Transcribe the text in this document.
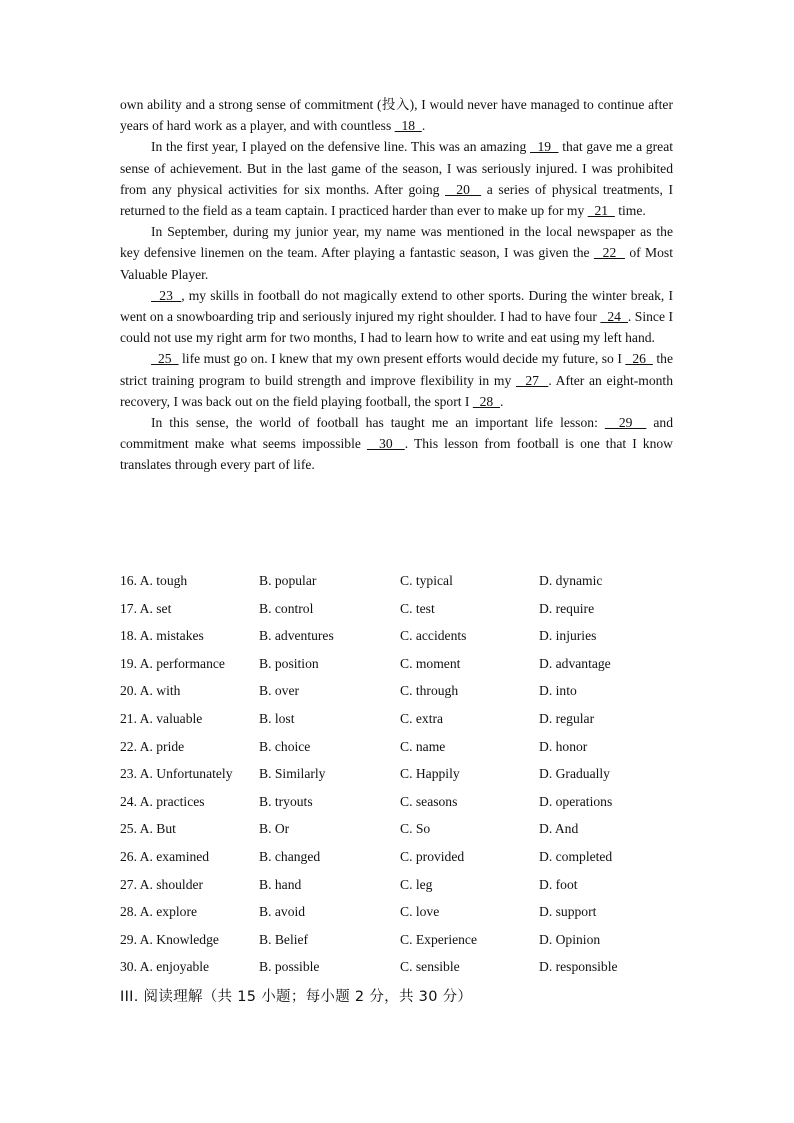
own ability and a strong sense of commitment (投入), I would never have managed to continue after years of hard work as a player, and with countless   18  .

In the first year, I played on the defensive line. This was an amazing   19   that gave me a great sense of achievement. But in the last game of the season, I was seriously injured. I was prohibited from any physical activities for six months. After going   20   a series of physical treatments, I returned to the field as a team captain. I practiced harder than ever to make up for my   21   time.

In September, during my junior year, my name was mentioned in the local newspaper as the key defensive linemen on the team. After playing a fantastic season, I was given the   22   of Most Valuable Player.

23  , my skills in football do not magically extend to other sports. During the winter break, I went on a snowboarding trip and seriously injured my right shoulder. I had to have four   24  . Since I could not use my right arm for two months, I had to learn how to write and eat using my left hand.

25   life must go on. I knew that my own present efforts would decide my future, so I   26   the strict training program to build strength and improve flexibility in my   27  . After an eight-month recovery, I was back out on the field playing football, the sport I   28  .

In this sense, the world of football has taught me an important life lesson:   29   and commitment make what seems impossible   30  . This lesson from football is one that I know translates through every part of life.

16. A. tough	B. popular	C. typical	D. dynamic
17. A. set	B. control	C. test	D. require
18. A. mistakes	B. adventures	C. accidents	D. injuries
19. A. performance	B. position	C. moment	D. advantage
20. A. with	B. over	C. through	D. into
21. A. valuable	B. lost	C. extra	D. regular
22. A. pride	B. choice	C. name	D. honor
23. A. Unfortunately B. Similarly	C. Happily	D. Gradually
24. A. practices	B. tryouts	C. seasons	D. operations
25. A. But	B. Or	C. So	D. And
26. A. examined	B. changed	C. provided	D. completed
27. A. shoulder	B. hand	C. leg	D. foot
28. A. explore	B. avoid	C. love	D. support
29. A. Knowledge	B. Belief	C. Experience	D. Opinion
30. A. enjoyable	B. possible	C. sensible	D. responsible
III. 阅读理解（共 15 小题；每小题 2 分，共 30 分）
